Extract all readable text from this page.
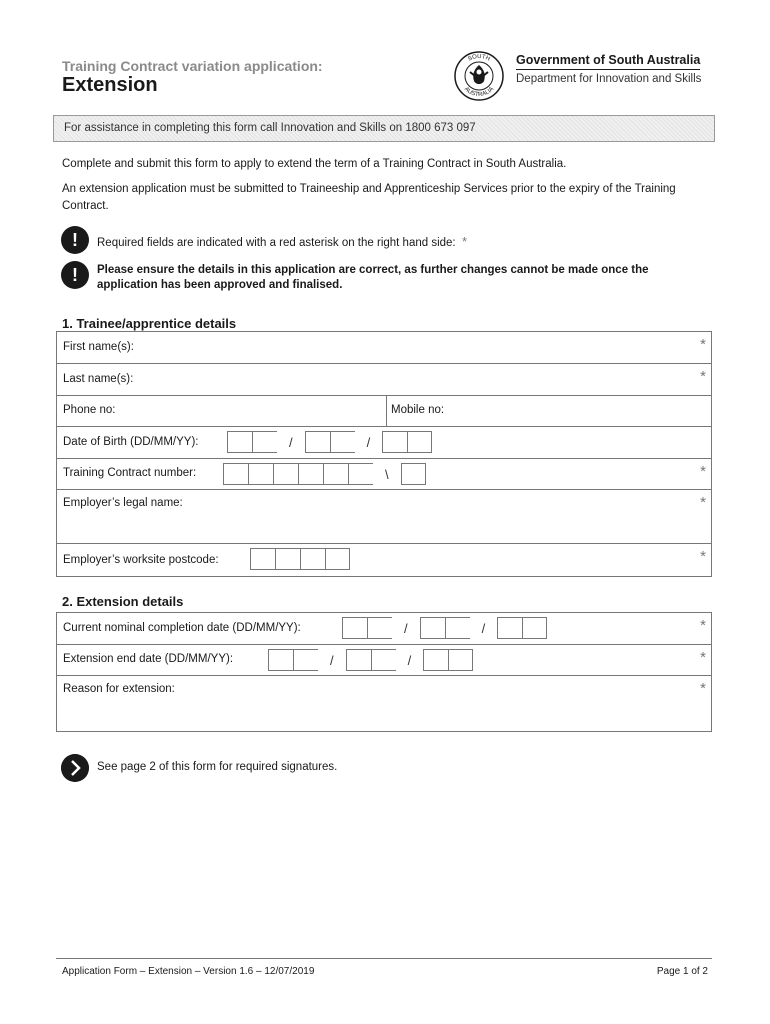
Training Contract variation application:
Extension
SOUTH
AUSTRALIA
Government of South Australia
Department for Innovation and Skills
For assistance in completing this form call Innovation and Skills on 1800 673 097
Complete and submit this form to apply to extend the term of a Training Contract in South Australia.
An extension application must be submitted to Traineeship and Apprenticeship Services prior to the expiry of the Training Contract.
!	Required fields are indicated with a red asterisk on the right hand side: *
!	Please ensure the details in this application are correct, as further changes cannot be made once the application has been approved and finalised.
1. Trainee/apprentice details
First name(s):	*
Last name(s):	*
Phone no:	Mobile no:
Date of Birth (DD/MM/YY):	/	/
Training Contract number:	\	*
Employer’s legal name:	*
Employer’s worksite postcode:	*
2. Extension details
Current nominal completion date (DD/MM/YY):	/	/	*
Extension end date (DD/MM/YY):	/	/	*
Reason for extension:	*
See page 2 of this form for required signatures.
Application Form – Extension – Version 1.6 – 12/07/2019	Page 1 of 2
